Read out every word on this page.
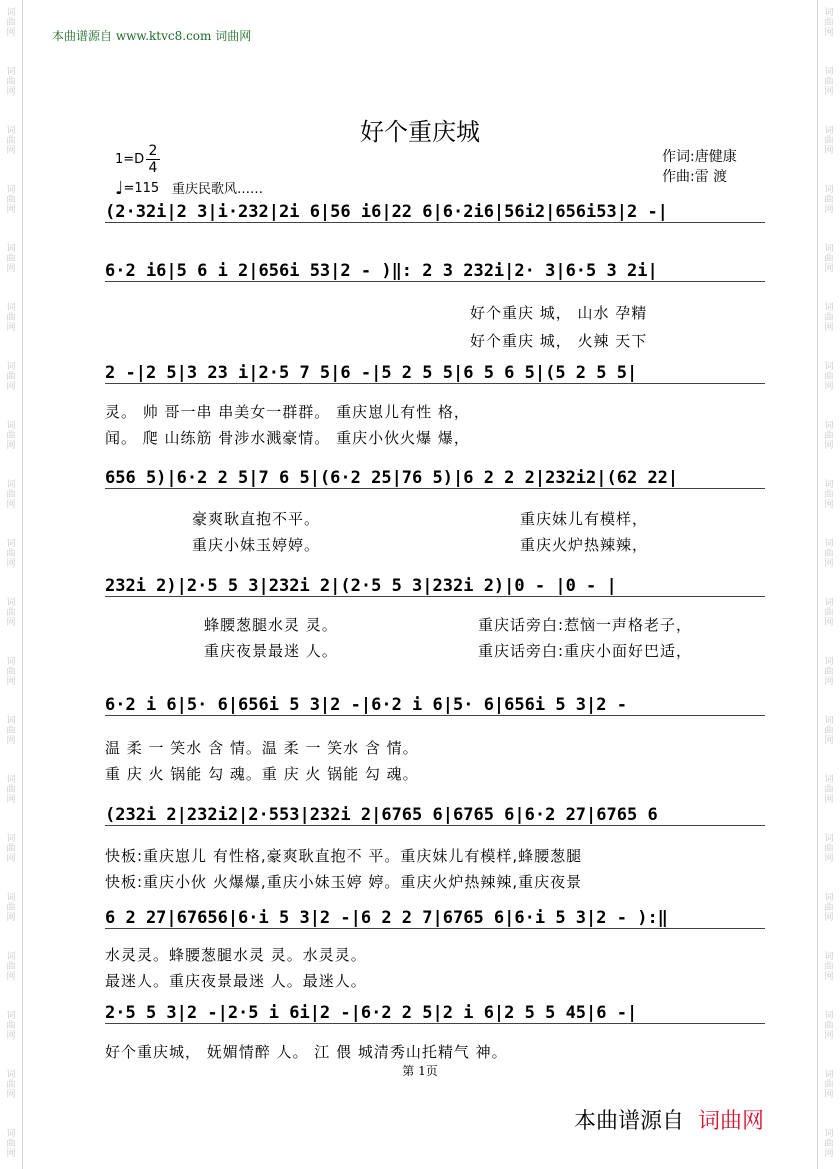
本曲谱源自 www.ktvc8.com 词曲网
好个重庆城
作词:唐健康
作曲:雷 渡
1=D
2
4
♩=115 重庆民歌风……
(2·32i|2 3|i·232|2i 6|56 i6|22 6|6·2i6|56i2|656i53|2 -|
6·2 i6|5 6 i 2|656i 53|2 - )‖: 2 3 232i|2· 3|6·5 3 2i|
好个重庆 城， 山水 孕精
好个重庆 城， 火辣 天下
2 -|2 5|3 23 i|2·5 7 5|6 -|5 2 5 5|6 5 6 5|(5 2 5 5|
灵。 帅 哥一串 串美女一群群。 重庆崽儿有性 格，
闻。 爬 山练筋 骨涉水溅豪情。 重庆小伙火爆 爆，
656 5)|6·2 2 5|7 6 5|(6·2 25|76 5)|6 2 2 2|232i2|(62 22|
豪爽耿直抱不平。
重庆小妹玉婷婷。
重庆妹儿有模样，
重庆火炉热辣辣，
232i 2)|2·5 5 3|232i 2|(2·5 5 3|232i 2)|0 - |0 - |
蜂腰葱腿水灵 灵。
重庆夜景最迷 人。
重庆话旁白:惹恼一声格老子，
重庆话旁白:重庆小面好巴适，
6·2 i 6|5· 6|656i 5 3|2 -|6·2 i 6|5· 6|656i 5 3|2 -
温 柔 一 笑水 含 情。温 柔 一 笑水 含 情。
重 庆 火 锅能 勾 魂。重 庆 火 锅能 勾 魂。
(232i 2|232i2|2·553|232i 2|6765 6|6765 6|6·2 27|6765 6
快板:重庆崽儿 有性格,豪爽耿直抱不 平。重庆妹儿有模样,蜂腰葱腿
快板:重庆小伙 火爆爆,重庆小妹玉婷 婷。重庆火炉热辣辣,重庆夜景
6 2 27|67656|6·i 5 3|2 -|6 2 2 7|6765 6|6·i 5 3|2 - ):‖
水灵灵。蜂腰葱腿水灵 灵。水灵灵。
最迷人。重庆夜景最迷 人。最迷人。
2·5 5 3|2 -|2·5 i 6i|2 -|6·2 2 5|2 i 6|2 5 5 45|6 -|
好个重庆城， 妩媚情醉 人。 江 偎 城清秀山托精气 神。
第 1页
本曲谱源自 词曲网
词
曲
网
词
曲
网
词
曲
网
词
曲
网
词
曲
网
词
曲
网
词
曲
网
词
曲
网
词
曲
网
词
曲
网
词
曲
网
词
曲
网
词
曲
网
词
曲
网
词
曲
网
词
曲
网
词
曲
网
词
曲
网
词
曲
网
词
曲
网
词
曲
网
词
曲
网
词
曲
网
词
曲
网
词
曲
网
词
曲
网
词
曲
网
词
曲
网
词
曲
网
词
曲
网
词
曲
网
词
曲
网
词
曲
网
词
曲
网
词
曲
网
词
曲
网
词
曲
网
词
曲
网
词
曲
网
词
曲
网
